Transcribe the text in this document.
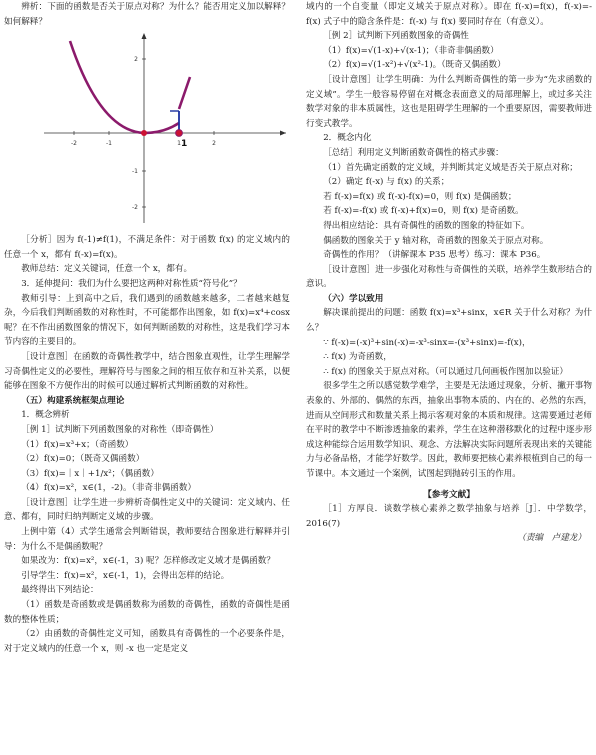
辨析：下面的函数是否关于原点对称？为什么？能否用定义加以解释？如何解释？

-2	-1	1	2
2
-1
-2
1

［分析］因为 f(-1)≠f(1)，不满足条件：对于函数 f(x) 的定义域内的任意一个 x，都有 f(-x)=f(x)。

教师总结：定义关键词，任意一个 x，都有。

3．延伸提问：我们为什么要把这两种对称性质“符号化”？

教师引导：上到高中之后，我们遇到的函数越来越多，二者越来越复杂，今后我们判断函数的对称性时，不可能都作出图象，如 f(x)=x⁴+cosx 呢？在不作出函数图象的情况下，如何判断函数的对称性，这是我们学习本节内容的主要目的。

［设计意图］在函数的奇偶性教学中，结合图象直观性，让学生理解学习奇偶性定义的必要性，理解符号与图象之间的相互依存和互补关系，以便能够在图象不方便作出的时候可以通过解析式判断函数的对称性。

（五）构建系统框架点理论

1．概念辨析

［例 1］试判断下列函数图象的对称性（即奇偶性）

（1）f(x)=x³+x；（奇函数）

（2）f(x)=0；（既奇又偶函数）

（3）f(x)=｜x｜+1/x²；（偶函数）

（4）f(x)=x²，x∈(1，-2)。（非奇非偶函数）

［设计意图］让学生进一步辨析奇偶性定义中的关键词：定义域内、任意、都有，同时归纳判断定义域的步骤。

上例中第（4）式学生通常会判断错误，教师要结合图象进行解释并引导：为什么不是偶函数呢？

如果改为：f(x)=x²，x∈(-1，3) 呢？怎样修改定义域才是偶函数？

引导学生：f(x)=x²，x∈(-1，1)，会得出怎样的结论。

最终得出下列结论：

（1）函数是奇函数或是偶函数称为函数的奇偶性，函数的奇偶性是函数的整体性质；

（2）由函数的奇偶性定义可知，函数具有奇偶性的一个必要条件是，对于定义域内的任意一个 x，则 -x 也一定是定义

域内的一个自变量（即定义域关于原点对称）。即在 f(-x)=f(x)，f(-x)=-f(x) 式子中的隐含条件是：f(-x) 与 f(x) 要同时存在（有意义）。

［例 2］试判断下列函数图象的奇偶性

（1）f(x)=√(1-x)+√(x-1)；（非奇非偶函数）

（2）f(x)=√(1-x²)+√(x²-1)。（既奇又偶函数）

［设计意图］让学生明确：为什么判断奇偶性的第一步为“先求函数的定义域”。学生一般容易停留在对概念表面意义的局部理解上，或过多关注数学对象的非本质属性，这也是阻碍学生理解的一个重要原因，需要教师进行变式教学。

2．概念内化

［总结］利用定义判断函数奇偶性的格式步骤：

（1）首先确定函数的定义域，并判断其定义域是否关于原点对称；

（2）确定 f(-x) 与 f(x) 的关系；

若 f(-x)=f(x) 或 f(-x)-f(x)=0，则 f(x) 是偶函数；

若 f(-x)=-f(x) 或 f(-x)+f(x)=0，则 f(x) 是奇函数。

得出相应结论：具有奇偶性的函数的图象的特征如下。

偶函数的图象关于 y 轴对称，奇函数的图象关于原点对称。

奇偶性的作用？（讲解课本 P35 思考）练习：课本 P36。

［设计意图］进一步强化对称性与奇偶性的关联，培养学生数形结合的意识。

（六）学以致用

解决课前提出的问题：函数 f(x)=x³+sinx，x∈R 关于什么对称？为什么？

∵ f(-x)=(-x)³+sin(-x)=-x³-sinx=-(x³+sinx)=-f(x)，

∴ f(x) 为奇函数，

∴ f(x) 的图象关于原点对称。（可以通过几何画板作图加以验证）

很多学生之所以感觉数学难学，主要是无法通过现象，分析、撇开事物表象的、外部的、偶然的东西，抽象出事物本质的、内在的、必然的东西，进而从空间形式和数量关系上揭示客观对象的本质和规律。这需要通过老师在平时的教学中不断渗透抽象的素养，学生在这种潜移默化的过程中逐步形成这种能综合运用数学知识、观念、方法解决实际问题所表现出来的关键能力与必备品格，才能学好数学。因此，教师要把核心素养根植到自己的每一节课中。本文通过一个案例，试图起到抛砖引玉的作用。

【参考文献】

［1］方厚良．谈数学核心素养之数学抽象与培养［J］．中学数学，2016(7)

（责编　卢建龙）
